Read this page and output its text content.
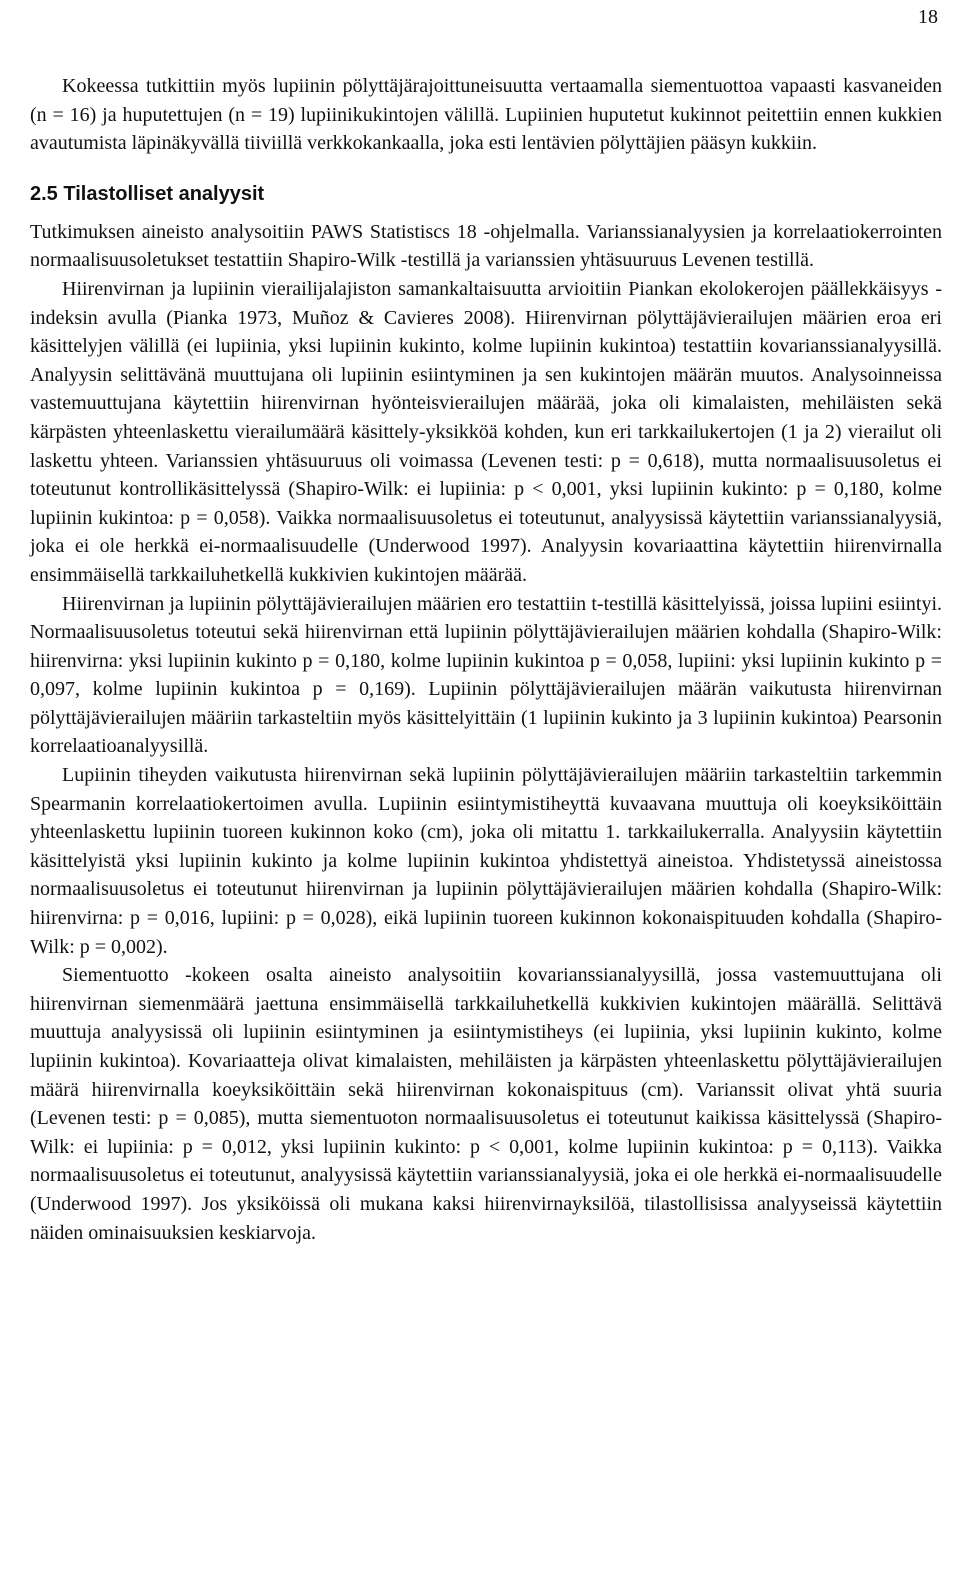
18

Kokeessa tutkittiin myös lupiinin pölyttäjärajoittuneisuutta vertaamalla siementuottoa vapaasti kasvaneiden (n = 16) ja huputettujen (n = 19) lupiinikukintojen välillä. Lupiinien huputetut kukinnot peitettiin ennen kukkien avautumista läpinäkyvällä tiiviillä verkkokankaalla, joka esti lentävien pölyttäjien pääsyn kukkiin.

2.5 Tilastolliset analyysit

Tutkimuksen aineisto analysoitiin PAWS Statistiscs 18 -ohjelmalla. Varianssianalyysien ja korrelaatiokerrointen normaalisuusoletukset testattiin Shapiro-Wilk -testillä ja varianssien yhtäsuuruus Levenen testillä.

Hiirenvirnan ja lupiinin vierailijalajiston samankaltaisuutta arvioitiin Piankan ekolokerojen päällekkäisyys -indeksin avulla (Pianka 1973, Muñoz & Cavieres 2008). Hiirenvirnan pölyttäjävierailujen määrien eroa eri käsittelyjen välillä (ei lupiinia, yksi lupiinin kukinto, kolme lupiinin kukintoa) testattiin kovarianssianalyysillä. Analyysin selittävänä muuttujana oli lupiinin esiintyminen ja sen kukintojen määrän muutos. Analysoinneissa vastemuuttujana käytettiin hiirenvirnan hyönteisvierailujen määrää, joka oli kimalaisten, mehiläisten sekä kärpästen yhteenlaskettu vierailumäärä käsittely-yksikköä kohden, kun eri tarkkailukertojen (1 ja 2) vierailut oli laskettu yhteen. Varianssien yhtäsuuruus oli voimassa (Levenen testi: p = 0,618), mutta normaalisuusoletus ei toteutunut kontrollikäsittelyssä (Shapiro-Wilk: ei lupiinia: p < 0,001, yksi lupiinin kukinto: p = 0,180, kolme lupiinin kukintoa: p = 0,058). Vaikka normaalisuusoletus ei toteutunut, analyysissä käytettiin varianssianalyysiä, joka ei ole herkkä ei-normaalisuudelle (Underwood 1997). Analyysin kovariaattina käytettiin hiirenvirnalla ensimmäisellä tarkkailuhetkellä kukkivien kukintojen määrää.

Hiirenvirnan ja lupiinin pölyttäjävierailujen määrien ero testattiin t-testillä käsittelyissä, joissa lupiini esiintyi. Normaalisuusoletus toteutui sekä hiirenvirnan että lupiinin pölyttäjävierailujen määrien kohdalla (Shapiro-Wilk: hiirenvirna: yksi lupiinin kukinto p = 0,180, kolme lupiinin kukintoa p = 0,058, lupiini: yksi lupiinin kukinto p = 0,097, kolme lupiinin kukintoa p = 0,169). Lupiinin pölyttäjävierailujen määrän vaikutusta hiirenvirnan pölyttäjävierailujen määriin tarkasteltiin myös käsittelyittäin (1 lupiinin kukinto ja 3 lupiinin kukintoa) Pearsonin korrelaatioanalyysillä.

Lupiinin tiheyden vaikutusta hiirenvirnan sekä lupiinin pölyttäjävierailujen määriin tarkasteltiin tarkemmin Spearmanin korrelaatiokertoimen avulla. Lupiinin esiintymistiheyttä kuvaavana muuttuja oli koeyksiköittäin yhteenlaskettu lupiinin tuoreen kukinnon koko (cm), joka oli mitattu 1. tarkkailukerralla. Analyysiin käytettiin käsittelyistä yksi lupiinin kukinto ja kolme lupiinin kukintoa yhdistettyä aineistoa. Yhdistetyssä aineistossa normaalisuusoletus ei toteutunut hiirenvirnan ja lupiinin pölyttäjävierailujen määrien kohdalla (Shapiro-Wilk: hiirenvirna: p = 0,016, lupiini: p = 0,028), eikä lupiinin tuoreen kukinnon kokonaispituuden kohdalla (Shapiro-Wilk: p = 0,002).

Siementuotto -kokeen osalta aineisto analysoitiin kovarianssianalyysillä, jossa vastemuuttujana oli hiirenvirnan siemenmäärä jaettuna ensimmäisellä tarkkailuhetkellä kukkivien kukintojen määrällä. Selittävä muuttuja analyysissä oli lupiinin esiintyminen ja esiintymistiheys (ei lupiinia, yksi lupiinin kukinto, kolme lupiinin kukintoa). Kovariaatteja olivat kimalaisten, mehiläisten ja kärpästen yhteenlaskettu pölyttäjävierailujen määrä hiirenvirnalla koeyksiköittäin sekä hiirenvirnan kokonaispituus (cm). Varianssit olivat yhtä suuria (Levenen testi: p = 0,085), mutta siementuoton normaalisuusoletus ei toteutunut kaikissa käsittelyssä (Shapiro-Wilk: ei lupiinia: p = 0,012, yksi lupiinin kukinto: p < 0,001, kolme lupiinin kukintoa: p = 0,113). Vaikka normaalisuusoletus ei toteutunut, analyysissä käytettiin varianssianalyysiä, joka ei ole herkkä ei-normaalisuudelle (Underwood 1997). Jos yksiköissä oli mukana kaksi hiirenvirnayksilöä, tilastollisissa analyyseissä käytettiin näiden ominaisuuksien keskiarvoja.
